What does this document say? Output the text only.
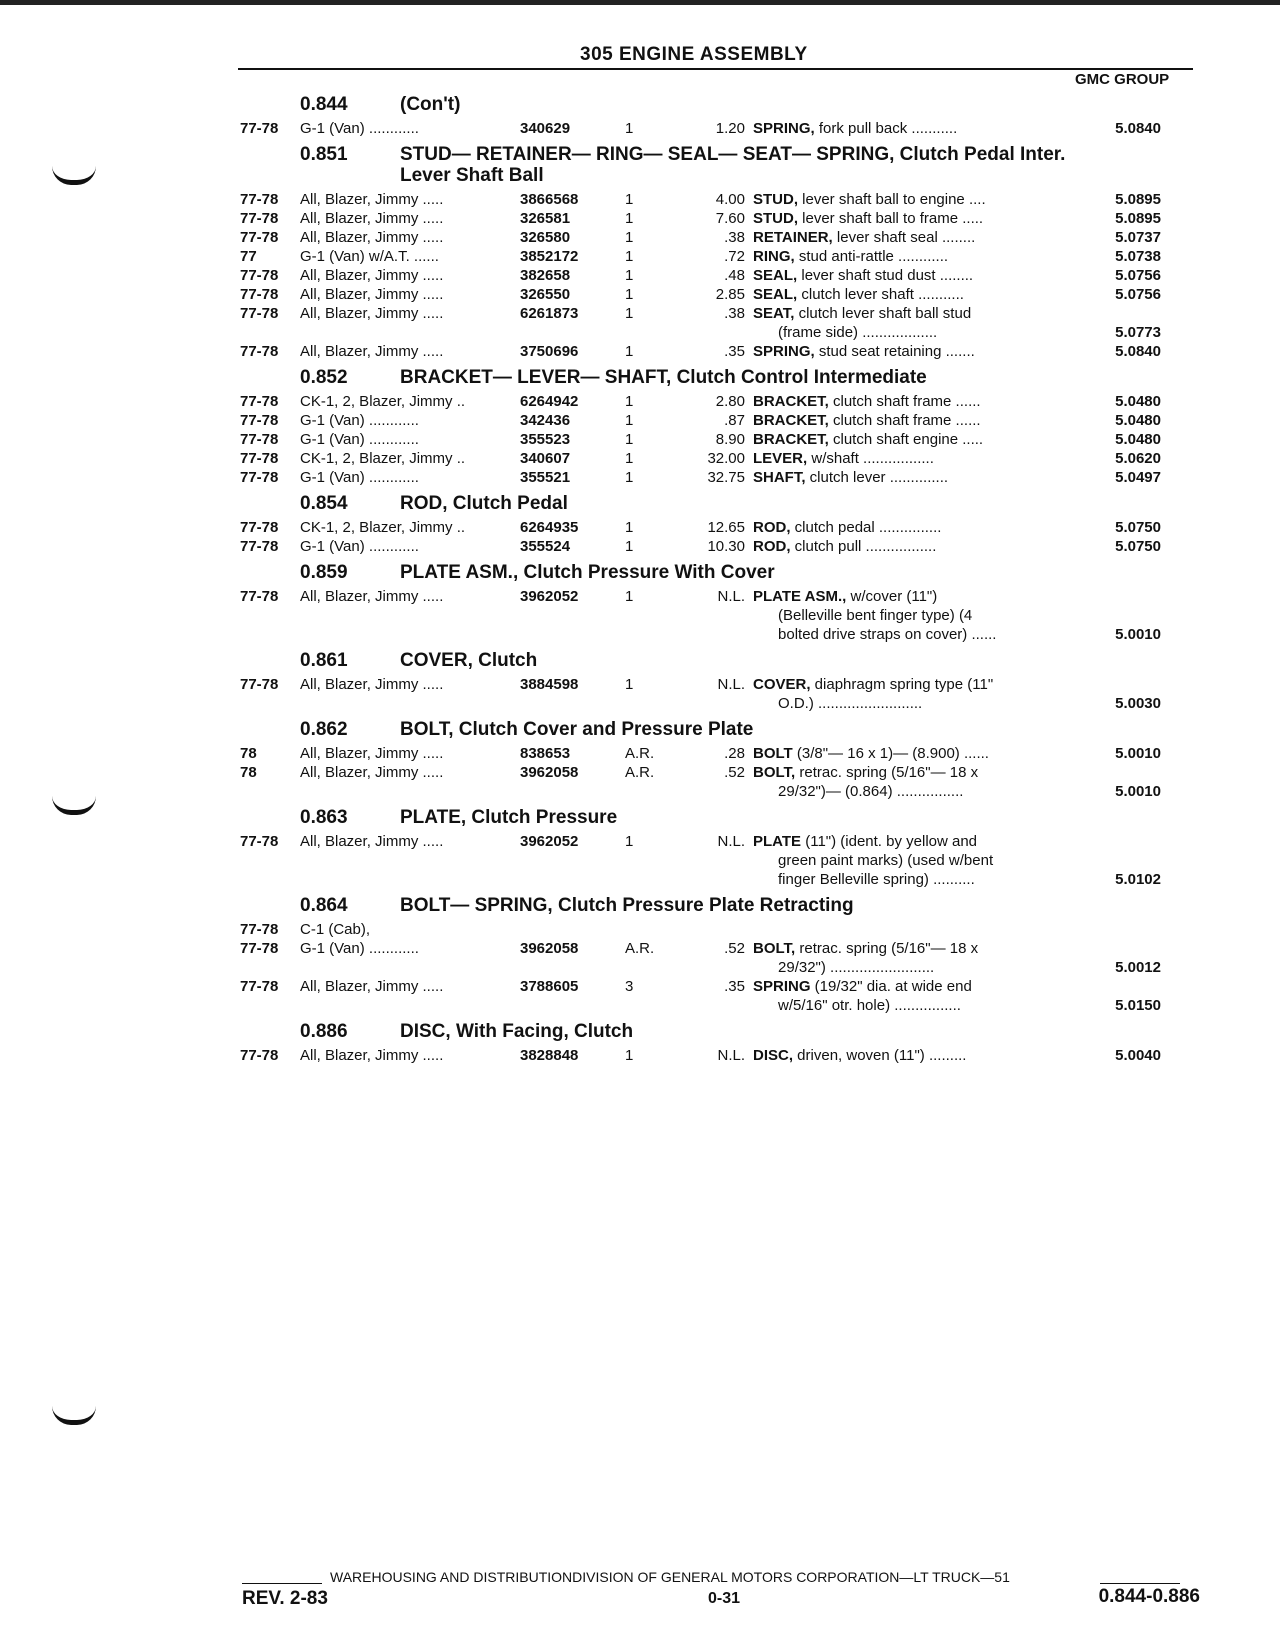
305 ENGINE ASSEMBLY
GMC GROUP
0.844	(Con't)
77-78	G-1 (Van) ............	340629	1	1.20 SPRING, fork pull back ...........	5.0840
0.851	STUD— RETAINER— RING— SEAL— SEAT— SPRING, Clutch Pedal Inter. Lever Shaft Ball
77-78	All, Blazer, Jimmy .....	3866568	1	4.00 STUD, lever shaft ball to engine ....	5.0895
77-78	All, Blazer, Jimmy .....	326581	1	7.60 STUD, lever shaft ball to frame .....	5.0895
77-78	All, Blazer, Jimmy .....	326580	1	.38 RETAINER, lever shaft seal ........	5.0737
77	G-1 (Van) w/A.T. ......	3852172	1	.72 RING, stud anti-rattle ............	5.0738
77-78	All, Blazer, Jimmy .....	382658	1	.48 SEAL, lever shaft stud dust ........	5.0756
77-78	All, Blazer, Jimmy .....	326550	1	2.85 SEAL, clutch lever shaft ...........	5.0756
77-78	All, Blazer, Jimmy .....	6261873	1	.38 SEAT, clutch lever shaft ball stud
(frame side) ..................	5.0773
77-78	All, Blazer, Jimmy .....	3750696	1	.35 SPRING, stud seat retaining .......	5.0840
0.852	BRACKET— LEVER— SHAFT, Clutch Control Intermediate
77-78	CK-1, 2, Blazer, Jimmy ..	6264942	1	2.80 BRACKET, clutch shaft frame ......	5.0480
77-78	G-1 (Van) ............	342436	1	.87 BRACKET, clutch shaft frame ......	5.0480
77-78	G-1 (Van) ............	355523	1	8.90 BRACKET, clutch shaft engine .....	5.0480
77-78	CK-1, 2, Blazer, Jimmy ..	340607	1	32.00 LEVER, w/shaft .................	5.0620
77-78	G-1 (Van) ............	355521	1	32.75 SHAFT, clutch lever ..............	5.0497
0.854	ROD, Clutch Pedal
77-78	CK-1, 2, Blazer, Jimmy ..	6264935	1	12.65 ROD, clutch pedal ...............	5.0750
77-78	G-1 (Van) ............	355524	1	10.30 ROD, clutch pull .................	5.0750
0.859	PLATE ASM., Clutch Pressure With Cover
77-78	All, Blazer, Jimmy .....	3962052	1	N.L. PLATE ASM., w/cover (11")
(Belleville bent finger type) (4
bolted drive straps on cover) ......	5.0010
0.861	COVER, Clutch
77-78	All, Blazer, Jimmy .....	3884598	1	N.L. COVER, diaphragm spring type (11"
O.D.) .........................	5.0030
0.862	BOLT, Clutch Cover and Pressure Plate
78	All, Blazer, Jimmy .....	838653	A.R.	.28 BOLT (3/8"— 16 x 1)— (8.900) ......	5.0010
78	All, Blazer, Jimmy .....	3962058	A.R.	.52 BOLT, retrac. spring (5/16"— 18 x
29/32")— (0.864) ................	5.0010
0.863	PLATE, Clutch Pressure
77-78	All, Blazer, Jimmy .....	3962052	1	N.L. PLATE (11") (ident. by yellow and
green paint marks) (used w/bent
finger Belleville spring) ..........	5.0102
0.864	BOLT— SPRING, Clutch Pressure Plate Retracting
77-78	C-1 (Cab),
77-78	G-1 (Van) ............	3962058	A.R.	.52 BOLT, retrac. spring (5/16"— 18 x
29/32") .........................	5.0012
77-78	All, Blazer, Jimmy .....	3788605	3	.35 SPRING (19/32" dia. at wide end
w/5/16" otr. hole) ................	5.0150
0.886	DISC, With Facing, Clutch
77-78	All, Blazer, Jimmy .....	3828848	1	N.L. DISC, driven, woven (11") .........	5.0040
WAREHOUSING AND DISTRIBUTIONDIVISION OF GENERAL MOTORS CORPORATION—LT TRUCK—51
REV. 2-83	0-31	0.844-0.886
